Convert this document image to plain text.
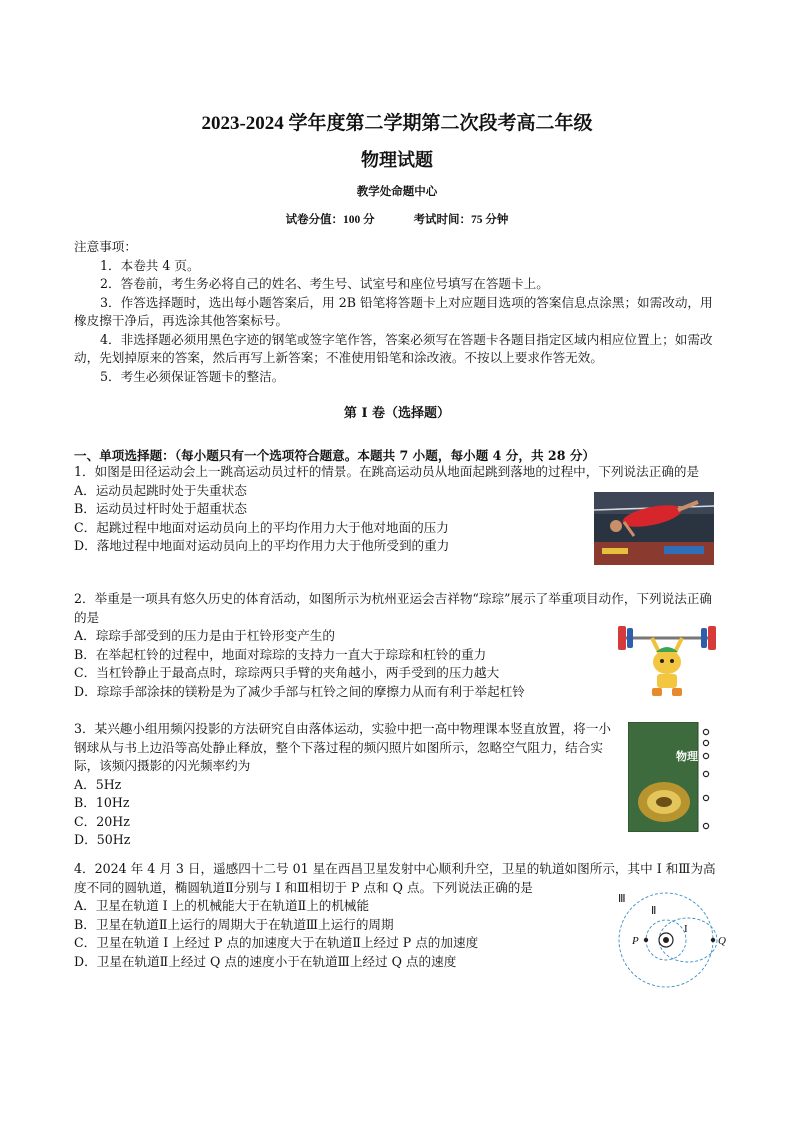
2023-2024 学年度第二学期第二次段考高二年级
物理试题
教学处命题中心
试卷分值：100 分	考试时间：75 分钟
注意事项：
1．本卷共 4 页。
2．答卷前，考生务必将自己的姓名、考生号、试室号和座位号填写在答题卡上。
3．作答选择题时，选出每小题答案后，用 2B 铅笔将答题卡上对应题目选项的答案信息点涂黑；如需改动，用橡皮擦干净后，再选涂其他答案标号。
4．非选择题必须用黑色字迹的钢笔或签字笔作答，答案必须写在答题卡各题目指定区域内相应位置上；如需改动，先划掉原来的答案，然后再写上新答案；不准使用铅笔和涂改液。不按以上要求作答无效。
5．考生必须保证答题卡的整洁。
第 I 卷（选择题）
一、单项选择题：（每小题只有一个选项符合题意。本题共 7 小题，每小题 4 分，共 28 分）
1．如图是田径运动会上一跳高运动员过杆的情景。在跳高运动员从地面起跳到落地的过程中，下列说法正确的是
A．运动员起跳时处于失重状态
B．运动员过杆时处于超重状态
C．起跳过程中地面对运动员向上的平均作用力大于他对地面的压力
D．落地过程中地面对运动员向上的平均作用力大于他所受到的重力
2．举重是一项具有悠久历史的体育活动，如图所示为杭州亚运会吉祥物“琮琮”展示了举重项目动作，下列说法正确的是
A．琮琮手部受到的压力是由于杠铃形变产生的
B．在举起杠铃的过程中，地面对琮琮的支持力一直大于琮琮和杠铃的重力
C．当杠铃静止于最高点时，琮琮两只手臂的夹角越小，两手受到的压力越大
D．琮琮手部涂抹的镁粉是为了减少手部与杠铃之间的摩擦力从而有利于举起杠铃
3．某兴趣小组用频闪投影的方法研究自由落体运动，实验中把一高中物理课本竖直放置，将一小钢球从与书上边沿等高处静止释放，整个下落过程的频闪照片如图所示，忽略空气阻力，结合实际，该频闪摄影的闪光频率约为
A．5Hz
B．10Hz
C．20Hz
D．50Hz
物理
4．2024 年 4 月 3 日，遥感四十二号 01 星在西昌卫星发射中心顺利升空，卫星的轨道如图所示，其中 I 和Ⅲ为高度不同的圆轨道，椭圆轨道Ⅱ分别与 I 和Ⅲ相切于 P 点和 Q 点。下列说法正确的是
A．卫星在轨道 I 上的机械能大于在轨道Ⅱ上的机械能
B．卫星在轨道Ⅱ上运行的周期大于在轨道Ⅲ上运行的周期
C．卫星在轨道 I 上经过 P 点的加速度大于在轨道Ⅱ上经过 P 点的加速度
D．卫星在轨道Ⅱ上经过 Q 点的速度小于在轨道Ⅲ上经过 Q 点的速度
Ⅲ
Ⅱ
I
P	Q
